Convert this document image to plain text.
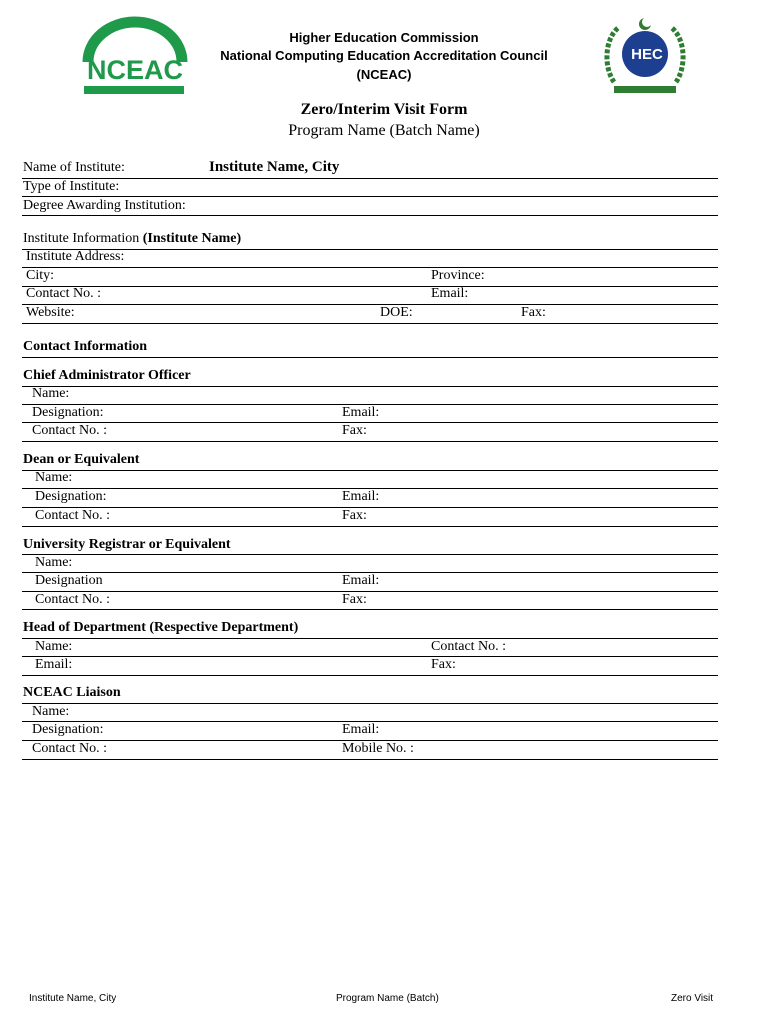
NCEAC
Higher Education Commission
National Computing Education Accreditation Council
(NCEAC)
HEC
Zero/Interim Visit Form
Program Name (Batch Name)
Name of Institute:	Institute Name, City
Type of Institute:
Degree Awarding Institution:
Institute Information (Institute Name)
Institute Address:
City:	Province:
Contact No. :	Email:
Website:	DOE:	Fax:
Contact Information
Chief Administrator Officer
Name:
Designation:	Email:
Contact No. :	Fax:
Dean or Equivalent
Name:
Designation:	Email:
Contact No. :	Fax:
University Registrar or Equivalent
Name:
Designation	Email:
Contact No. :	Fax:
Head of Department (Respective Department)
Name:	Contact No. :
Email:	Fax:
NCEAC Liaison
Name:
Designation:	Email:
Contact No. :	Mobile No. :
Institute Name, City	Program Name (Batch)	Zero Visit
